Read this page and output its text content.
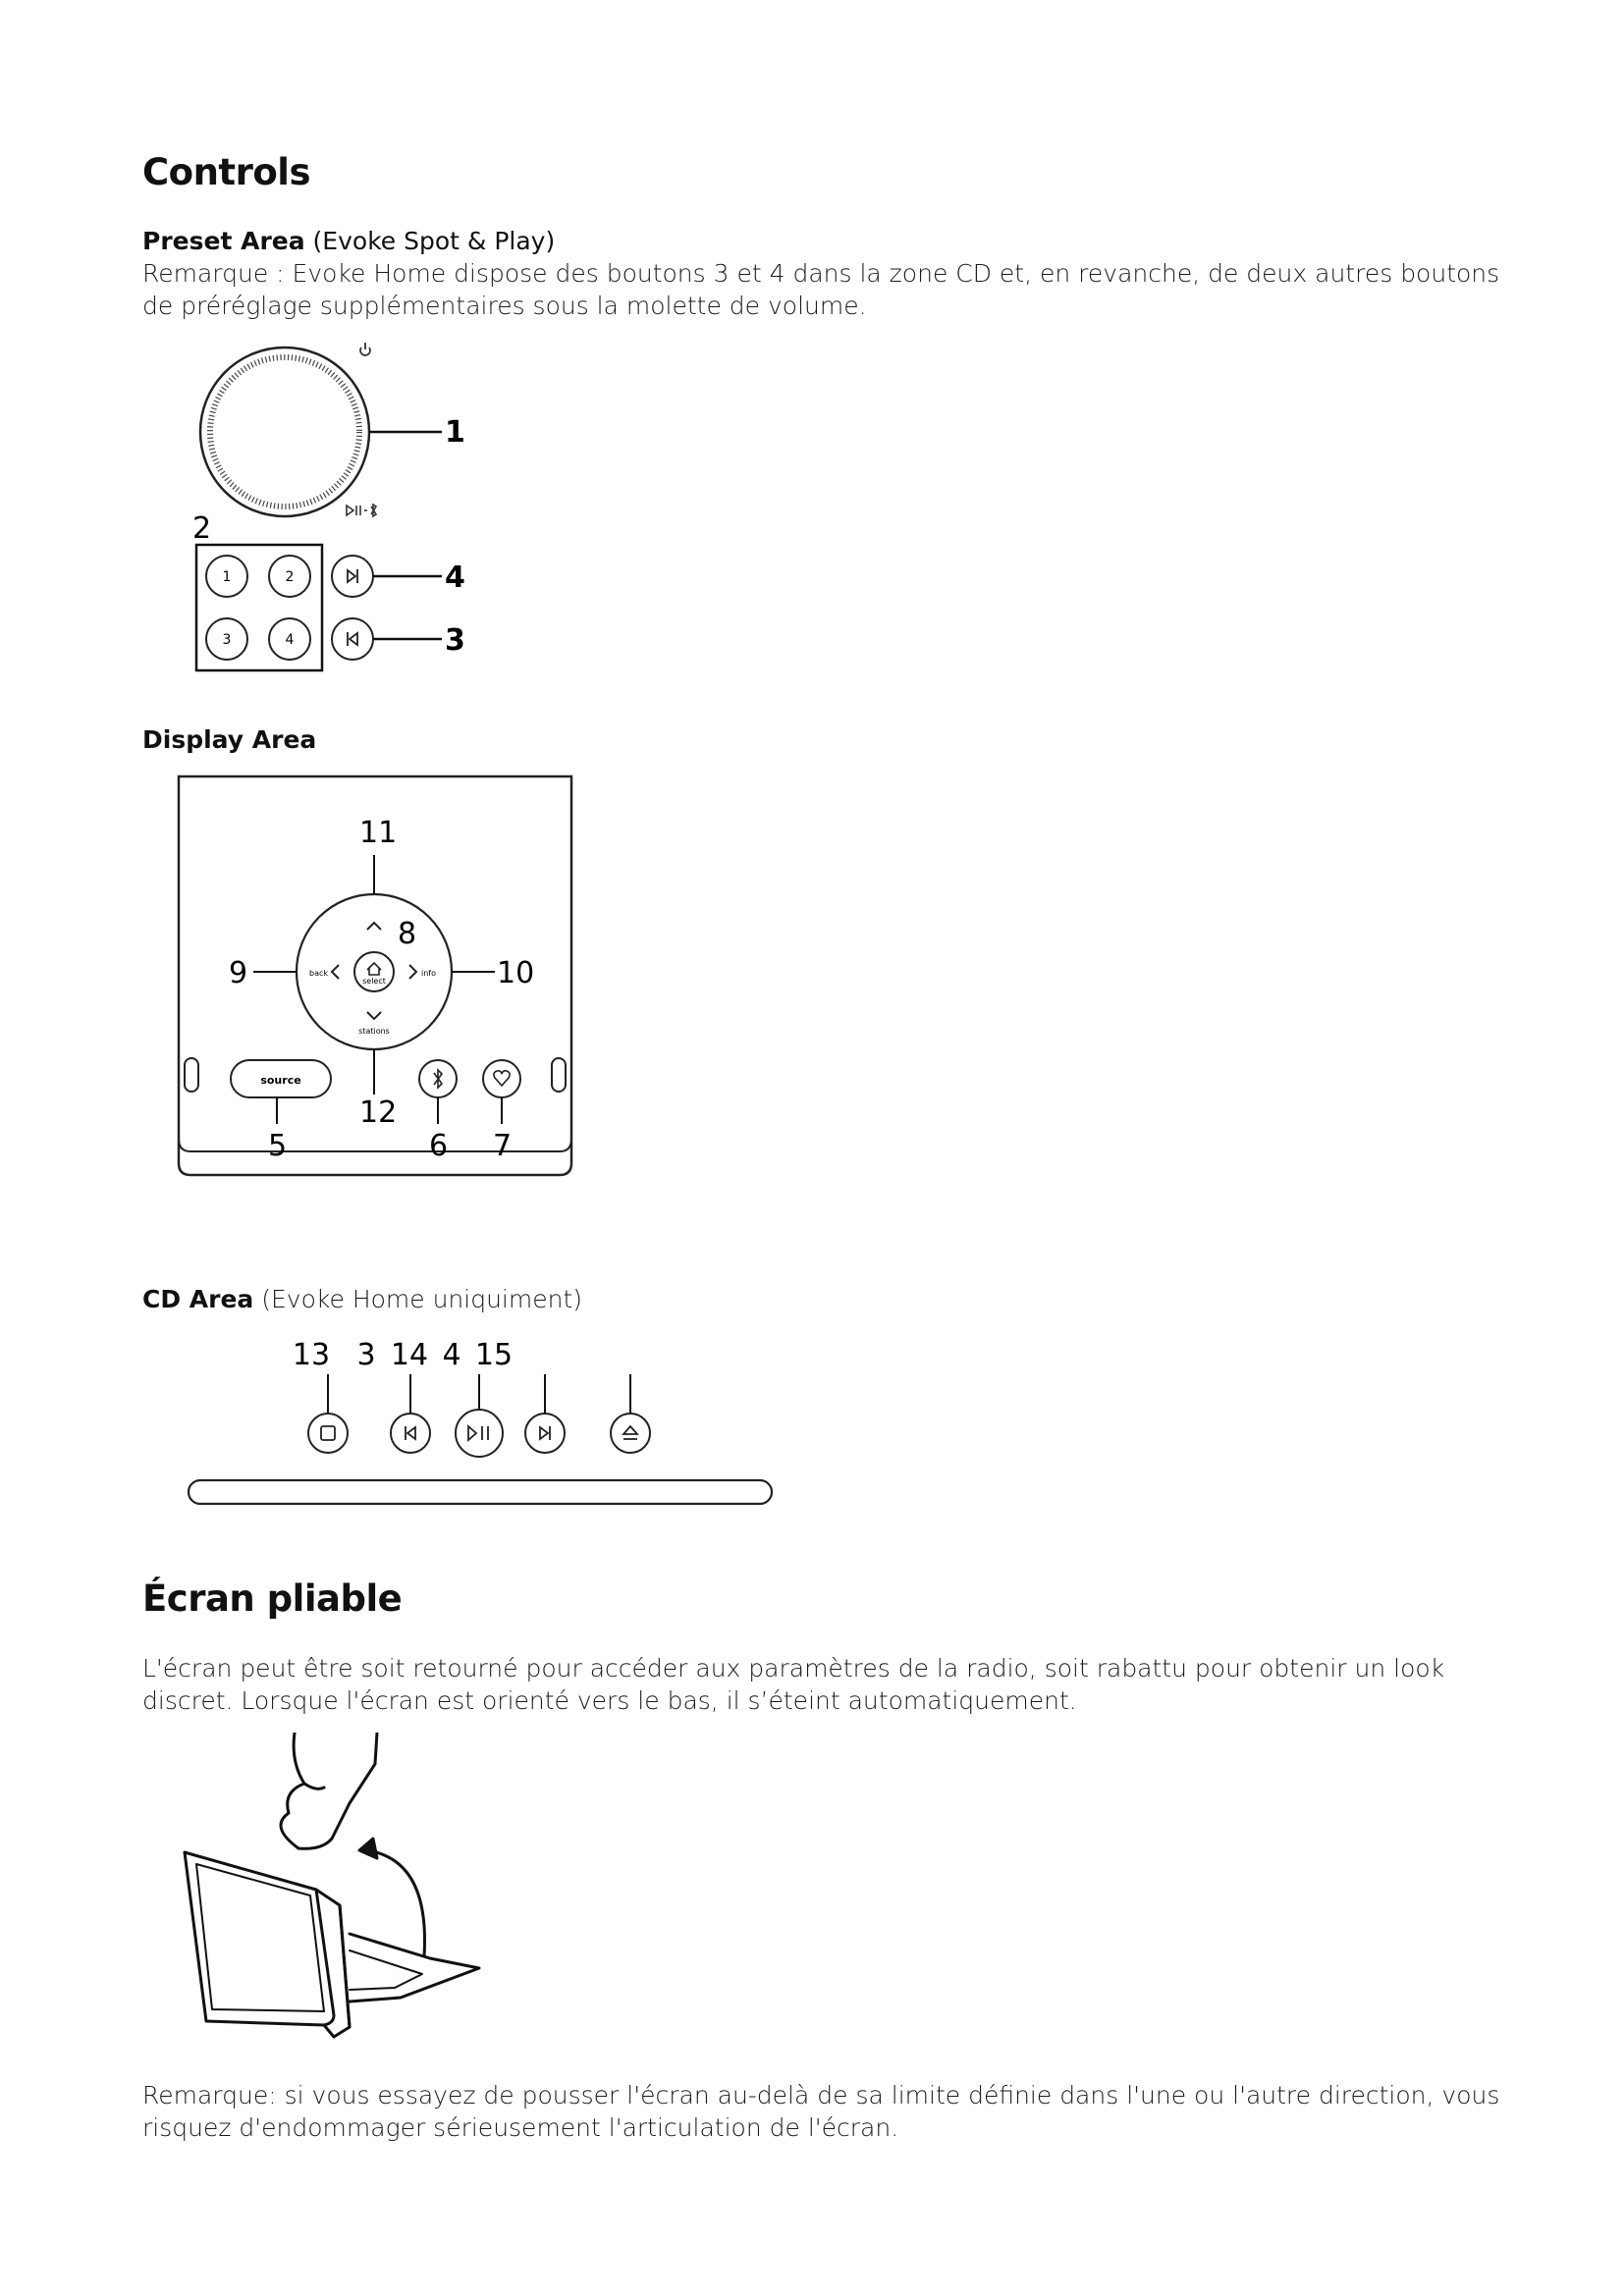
Controls
Preset Area (Evoke Spot & Play)
Remarque : Evoke Home dispose des boutons 3 et 4 dans la zone CD et, en revanche, de deux autres boutons
de préréglage supplémentaires sous la molette de volume.
1
2
1	2
3	4
4
3
Display Area
select
stations
back	info
11
8
9	10
source
12
5	6 7
CD Area (Evoke Home uniquiment)
13 3 14 4 15
Écran pliable
L'écran peut être soit retourné pour accéder aux paramètres de la radio, soit rabattu pour obtenir un look
discret. Lorsque l'écran est orienté vers le bas, il s’éteint automatiquement.
Remarque: si vous essayez de pousser l'écran au-delà de sa limite définie dans l'une ou l'autre direction, vous
risquez d'endommager sérieusement l'articulation de l'écran.
